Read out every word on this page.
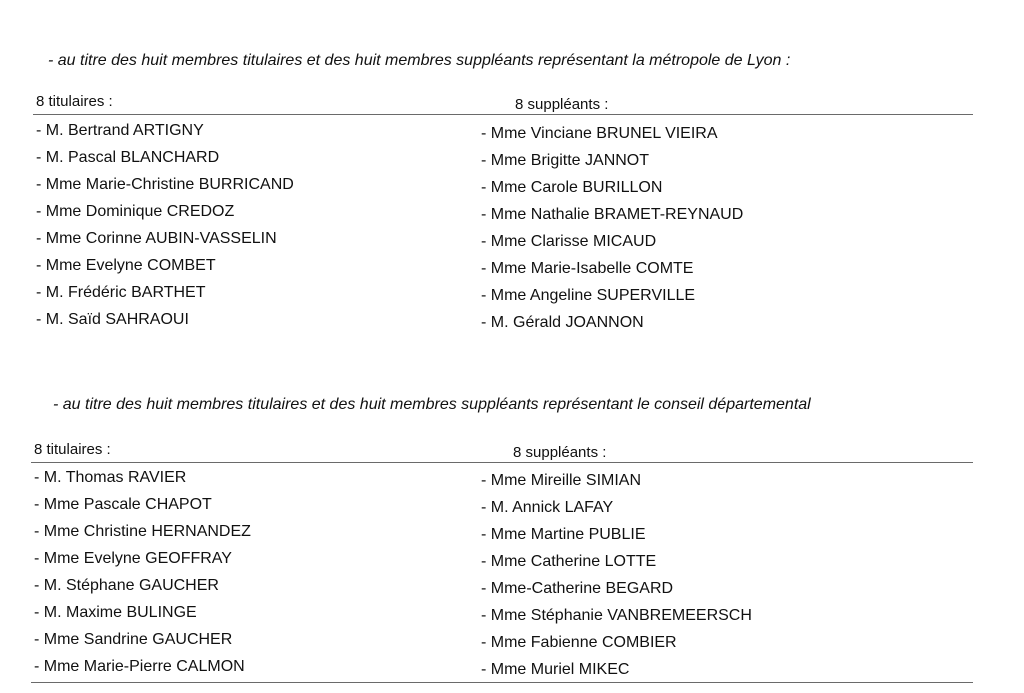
- au titre des huit membres titulaires et des huit membres suppléants représentant la métropole de Lyon :
8 titulaires :	8 suppléants :
- M. Bertrand ARTIGNY
- M. Pascal BLANCHARD
- Mme Marie-Christine BURRICAND
- Mme Dominique CREDOZ
- Mme Corinne AUBIN-VASSELIN
- Mme Evelyne COMBET
- M. Frédéric BARTHET
- M. Saïd SAHRAOUI
- Mme Vinciane BRUNEL VIEIRA
- Mme Brigitte JANNOT
- Mme Carole BURILLON
- Mme Nathalie BRAMET-REYNAUD
- Mme Clarisse MICAUD
- Mme Marie-Isabelle COMTE
- Mme Angeline SUPERVILLE
- M. Gérald JOANNON
- au titre des huit membres titulaires et des huit membres suppléants représentant le conseil départemental
8 titulaires :	8 suppléants :
- M. Thomas RAVIER
- Mme Pascale CHAPOT
- Mme Christine HERNANDEZ
- Mme Evelyne GEOFFRAY
- M. Stéphane GAUCHER
- M. Maxime BULINGE
- Mme Sandrine GAUCHER
- Mme Marie-Pierre CALMON
- Mme Mireille SIMIAN
- M. Annick LAFAY
- Mme Martine PUBLIE
- Mme Catherine LOTTE
- Mme-Catherine BEGARD
- Mme Stéphanie VANBREMEERSCH
- Mme Fabienne COMBIER
- Mme Muriel MIKEC
